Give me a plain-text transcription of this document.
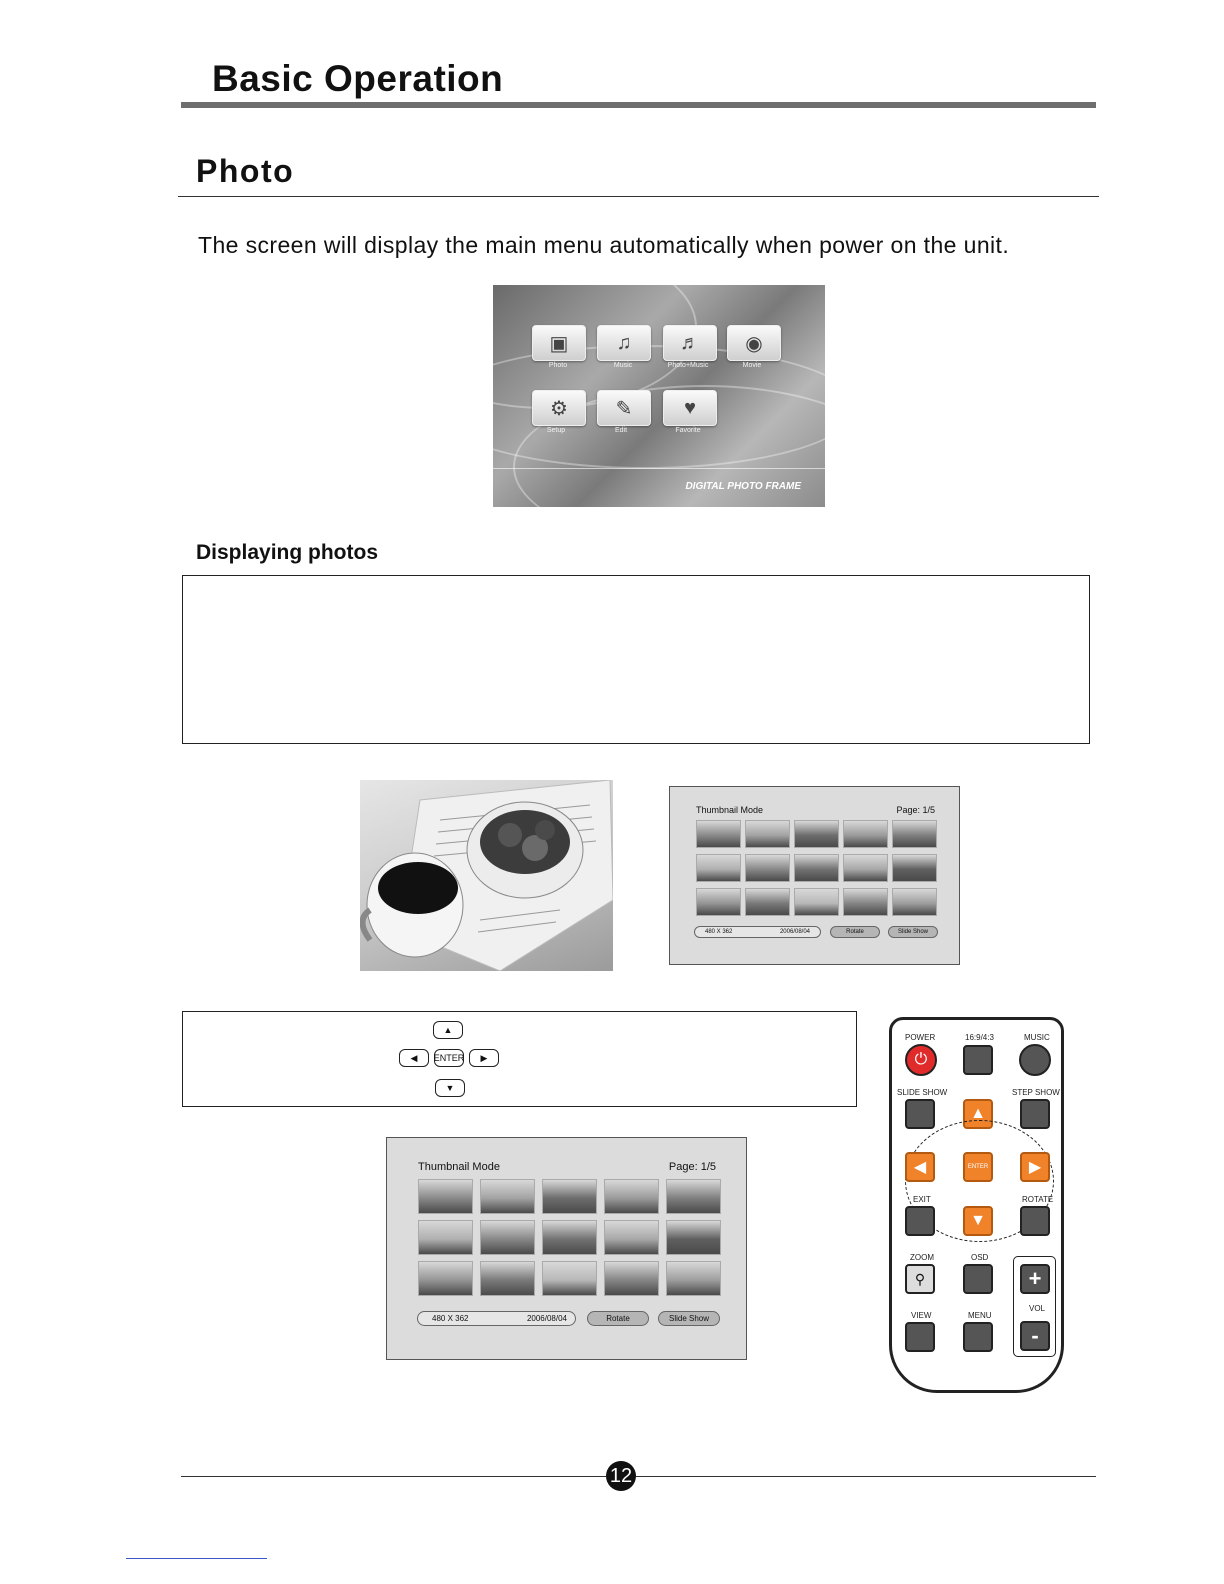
Basic Operation
Photo
The screen will display the main menu automatically when power on the unit.
▣
Photo
♫
Music
♬
Photo+Music
◉
Movie
⚙
Setup
✎
Edit
♥
Favorite
DIGITAL PHOTO FRAME
Displaying photos
Thumbnail Mode	Page: 1/5
480 X 362	2006/08/04	Rotate	Slide Show
▲
◀	ENTER	▶
▼
Thumbnail Mode	Page: 1/5
480 X 362	2006/08/04	Rotate	Slide Show
POWER	16:9/4:3	MUSIC
⏻
SLIDE SHOW	STEP SHOW
▲
◀	ENTER	▶
EXIT	ROTATE
▼
ZOOM	OSD
⚲	+
VOL
-
VIEW	MENU
12
